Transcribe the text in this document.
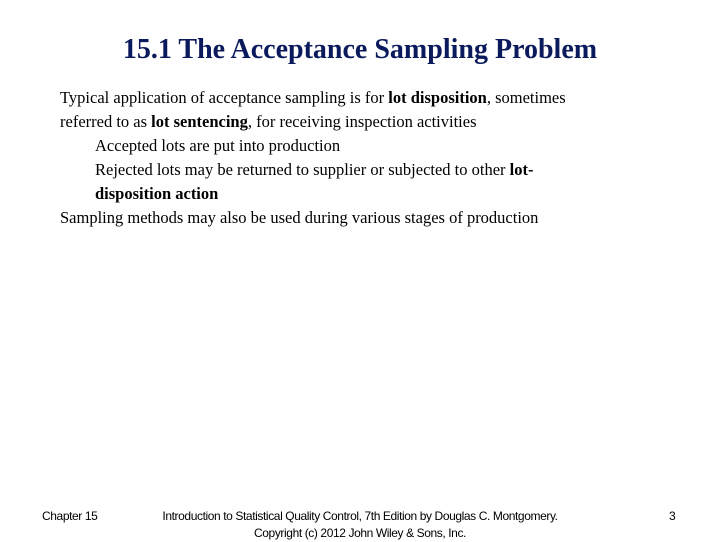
15.1 The Acceptance Sampling Problem
Typical application of acceptance sampling is for lot disposition, sometimes
referred to as lot sentencing, for receiving inspection activities
Accepted lots are put into production
Rejected lots may be returned to supplier or subjected to other lot-
disposition action
Sampling methods may also be used during various stages of production
Chapter 15	Introduction to Statistical Quality Control, 7th Edition by Douglas C. Montgomery.
Copyright (c) 2012 John Wiley & Sons, Inc.
3
